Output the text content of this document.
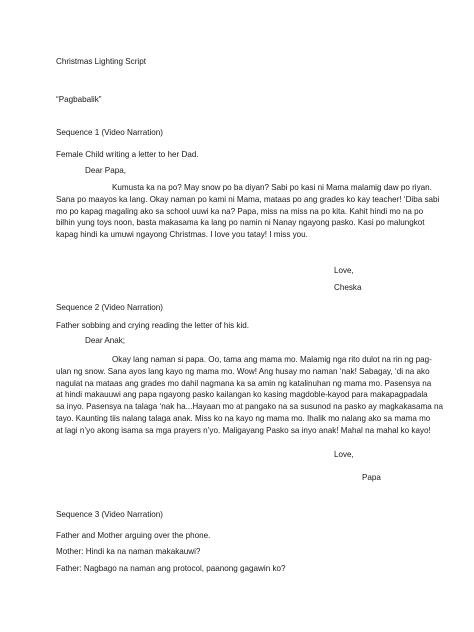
Christmas Lighting Script
“Pagbabalik”
Sequence 1 (Video Narration)
Female Child writing a letter to her Dad.
Dear Papa,
Kumusta ka na po? May snow po ba diyan? Sabi po kasi ni Mama malamig daw po riyan.
Sana po maayos ka lang. Okay naman po kami ni Mama, mataas po ang grades ko kay teacher! ‘Diba sabi
mo po kapag magaling ako sa school uuwi ka na? Papa, miss na miss na po kita. Kahit hindi mo na po
bilhin yung toys noon, basta makasama ka lang po namin ni Nanay ngayong pasko. Kasi po malungkot
kapag hindi ka umuwi ngayong Christmas. I love you tatay! I miss you.
Love,
Cheska
Sequence 2 (Video Narration)
Father sobbing and crying reading the letter of his kid.
Dear Anak;
Okay lang naman si papa. Oo, tama ang mama mo. Malamig nga rito dulot na rin ng pag-
ulan ng snow. Sana ayos lang kayo ng mama mo. Wow! Ang husay mo naman ‘nak! Sabagay, ‘di na ako
nagulat na mataas ang grades mo dahil nagmana ka sa amin ng katalinuhan ng mama mo. Pasensya na
at hindi makauuwi ang papa ngayong pasko kailangan ko kasing magdoble-kayod para makapagpadala
sa inyo. Pasensya na talaga ‘nak ha...Hayaan mo at pangako na sa susunod na pasko ay magkakasama na
tayo. Kaunting tiis nalang talaga anak. Miss ko na kayo ng mama mo. Ihalik mo nalang ako sa mama mo
at lagi n’yo akong isama sa mga prayers n’yo. Maligayang Pasko sa inyo anak! Mahal na mahal ko kayo!
Love,
Papa
Sequence 3 (Video Narration)
Father and Mother arguing over the phone.
Mother: Hindi ka na naman makakauwi?
Father: Nagbago na naman ang protocol, paanong gagawin ko?
